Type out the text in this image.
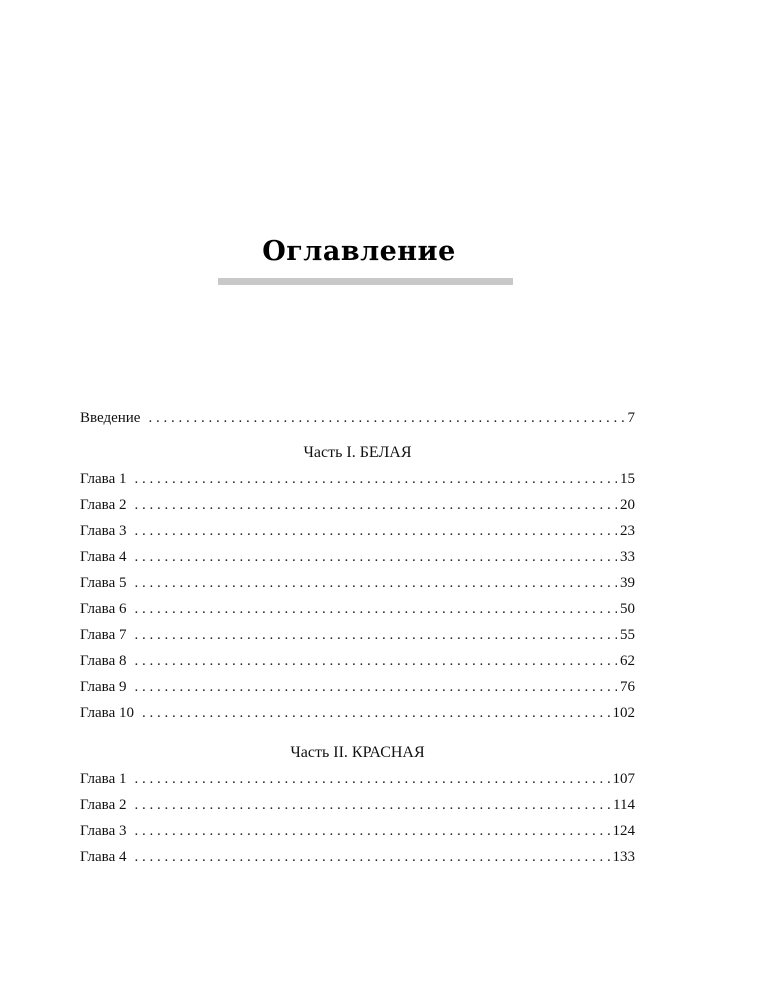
Оглавление
Введение . . .	7
Часть I. БЕЛАЯ
Глава 1 . . .	15
Глава 2 . . .	20
Глава 3 . . .	23
Глава 4 . . .	33
Глава 5 . . .	39
Глава 6 . . .	50
Глава 7 . . .	55
Глава 8 . . .	62
Глава 9 . . .	76
Глава 10 . . .	102
Часть II. КРАСНАЯ
Глава 1 . . .	107
Глава 2 . . .	114
Глава 3 . . .	124
Глава 4 . . .	133
